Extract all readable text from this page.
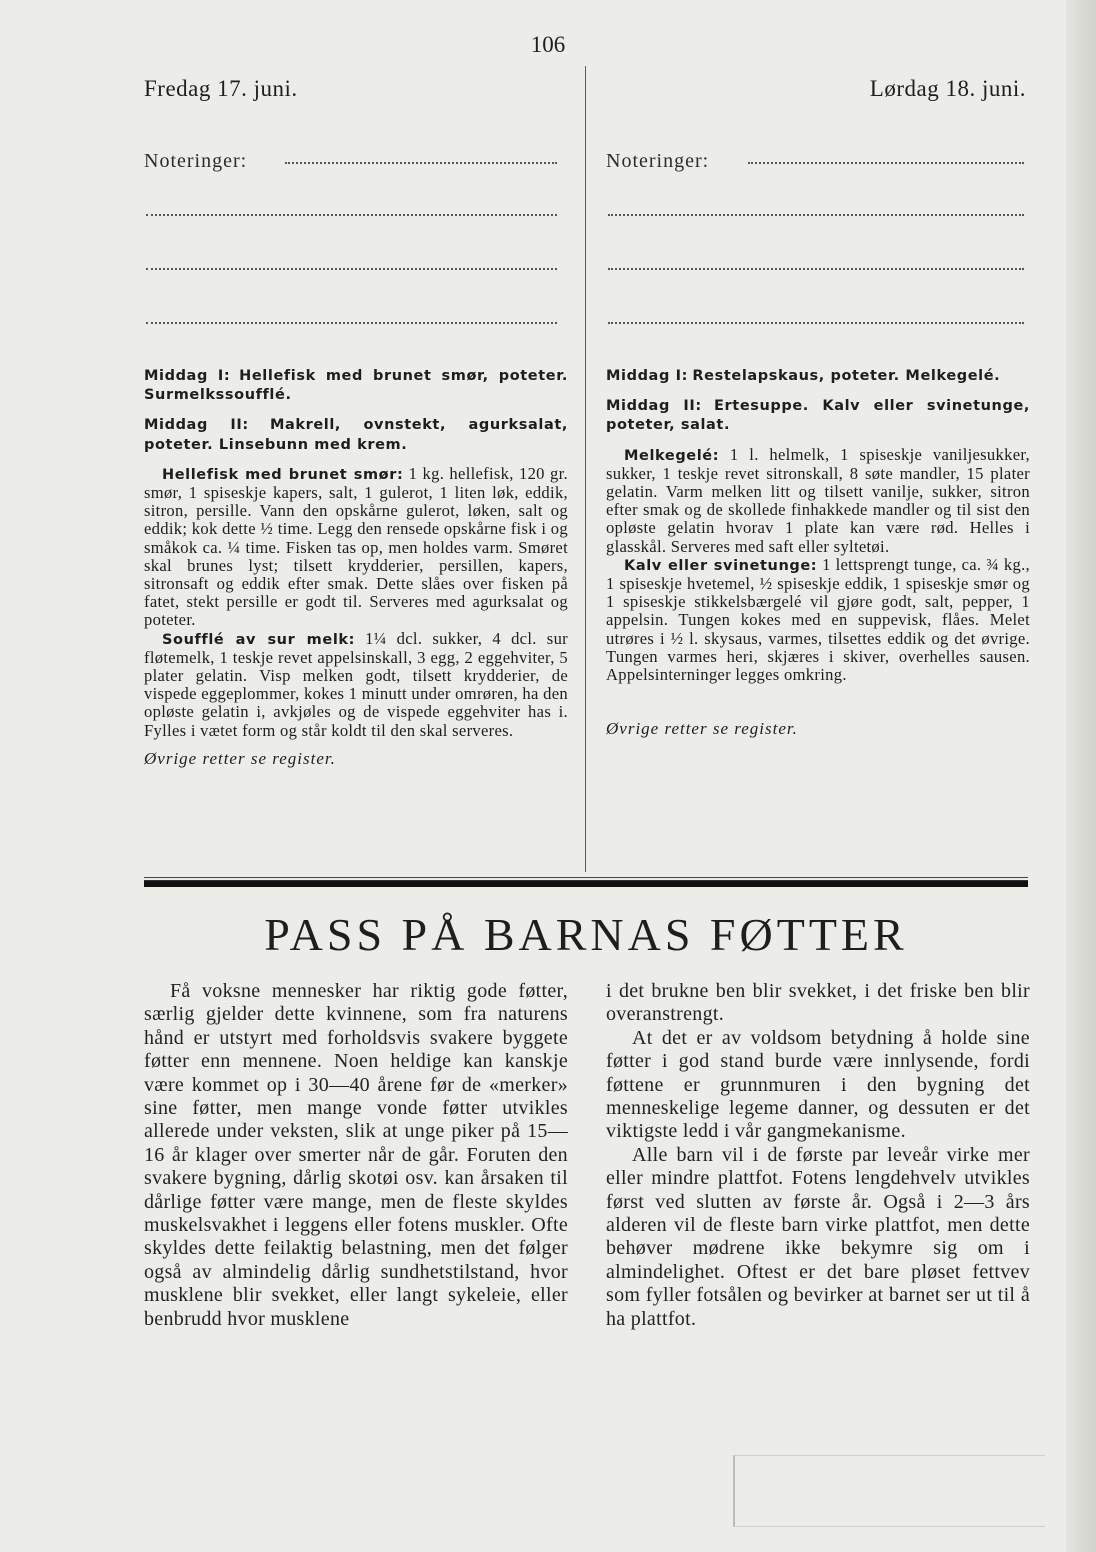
106
Fredag 17. juni.	Lørdag 18. juni.
Noteringer:	Noteringer:

Middag I: Hellefisk med brunet smør, poteter. Surmelkssoufflé.

Middag II: Makrell, ovnstekt, agurksalat, poteter. Linsebunn med krem.

Hellefisk med brunet smør: 1 kg. hellefisk, 120 gr. smør, 1 spiseskje kapers, salt, 1 gulerot, 1 liten løk, eddik, sitron, persille. Vann den opskårne gulerot, løken, salt og eddik; kok dette ½ time. Legg den rensede opskårne fisk i og småkok ca. ¼ time. Fisken tas op, men holdes varm. Smøret skal brunes lyst; tilsett krydderier, persillen, kapers, sitronsaft og eddik efter smak. Dette slåes over fisken på fatet, stekt persille er godt til. Serveres med agurksalat og poteter.

Soufflé av sur melk: 1¼ dcl. sukker, 4 dcl. sur fløtemelk, 1 teskje revet appelsinskall, 3 egg, 2 eggehviter, 5 plater gelatin. Visp melken godt, tilsett krydderier, de vispede eggeplommer, kokes 1 minutt under omrøren, ha den opløste gelatin i, avkjøles og de vispede eggehviter has i. Fylles i vætet form og står koldt til den skal serveres.

Øvrige retter se register.

Middag I: Restelapskaus, poteter. Melkegelé.

Middag II: Ertesuppe. Kalv eller svinetunge, poteter, salat.

Melkegelé: 1 l. helmelk, 1 spiseskje vaniljesukker, sukker, 1 teskje revet sitronskall, 8 søte mandler, 15 plater gelatin. Varm melken litt og tilsett vanilje, sukker, sitron efter smak og de skollede finhakkede mandler og til sist den opløste gelatin hvorav 1 plate kan være rød. Helles i glasskål. Serveres med saft eller syltetøi.

Kalv eller svinetunge: 1 lettsprengt tunge, ca. ¾ kg., 1 spiseskje hvetemel, ½ spiseskje eddik, 1 spiseskje smør og 1 spiseskje stikkelsbærgelé vil gjøre godt, salt, pepper, 1 appelsin. Tungen kokes med en suppevisk, flåes. Melet utrøres i ½ l. skysaus, varmes, tilsettes eddik og det øvrige. Tungen varmes heri, skjæres i skiver, overhelles sausen. Appelsinterninger legges omkring.

Øvrige retter se register.
PASS PÅ BARNAS FØTTER

Få voksne mennesker har riktig gode føtter, særlig gjelder dette kvinnene, som fra naturens hånd er utstyrt med forholdsvis svakere byggete føtter enn mennene. Noen heldige kan kanskje være kommet op i 30—40 årene før de «merker» sine føtter, men mange vonde føtter utvikles allerede under veksten, slik at unge piker på 15—16 år klager over smerter når de går. Foruten den svakere bygning, dårlig skotøi osv. kan årsaken til dårlige føtter være mange, men de fleste skyldes muskelsvakhet i leggens eller fotens muskler. Ofte skyldes dette feilaktig belastning, men det følger også av almindelig dårlig sundhetstilstand, hvor musklene blir svekket, eller langt sykeleie, eller benbrudd hvor musklene

i det brukne ben blir svekket, i det friske ben blir overanstrengt.

At det er av voldsom betydning å holde sine føtter i god stand burde være innlysende, fordi føttene er grunnmuren i den bygning det menneskelige legeme danner, og dessuten er det viktigste ledd i vår gangmekanisme.

Alle barn vil i de første par leveår virke mer eller mindre plattfot. Fotens lengdehvelv utvikles først ved slutten av første år. Også i 2—3 års alderen vil de fleste barn virke plattfot, men dette behøver mødrene ikke bekymre sig om i almindelighet. Oftest er det bare pløset fettvev som fyller fotsålen og bevirker at barnet ser ut til å ha plattfot.
